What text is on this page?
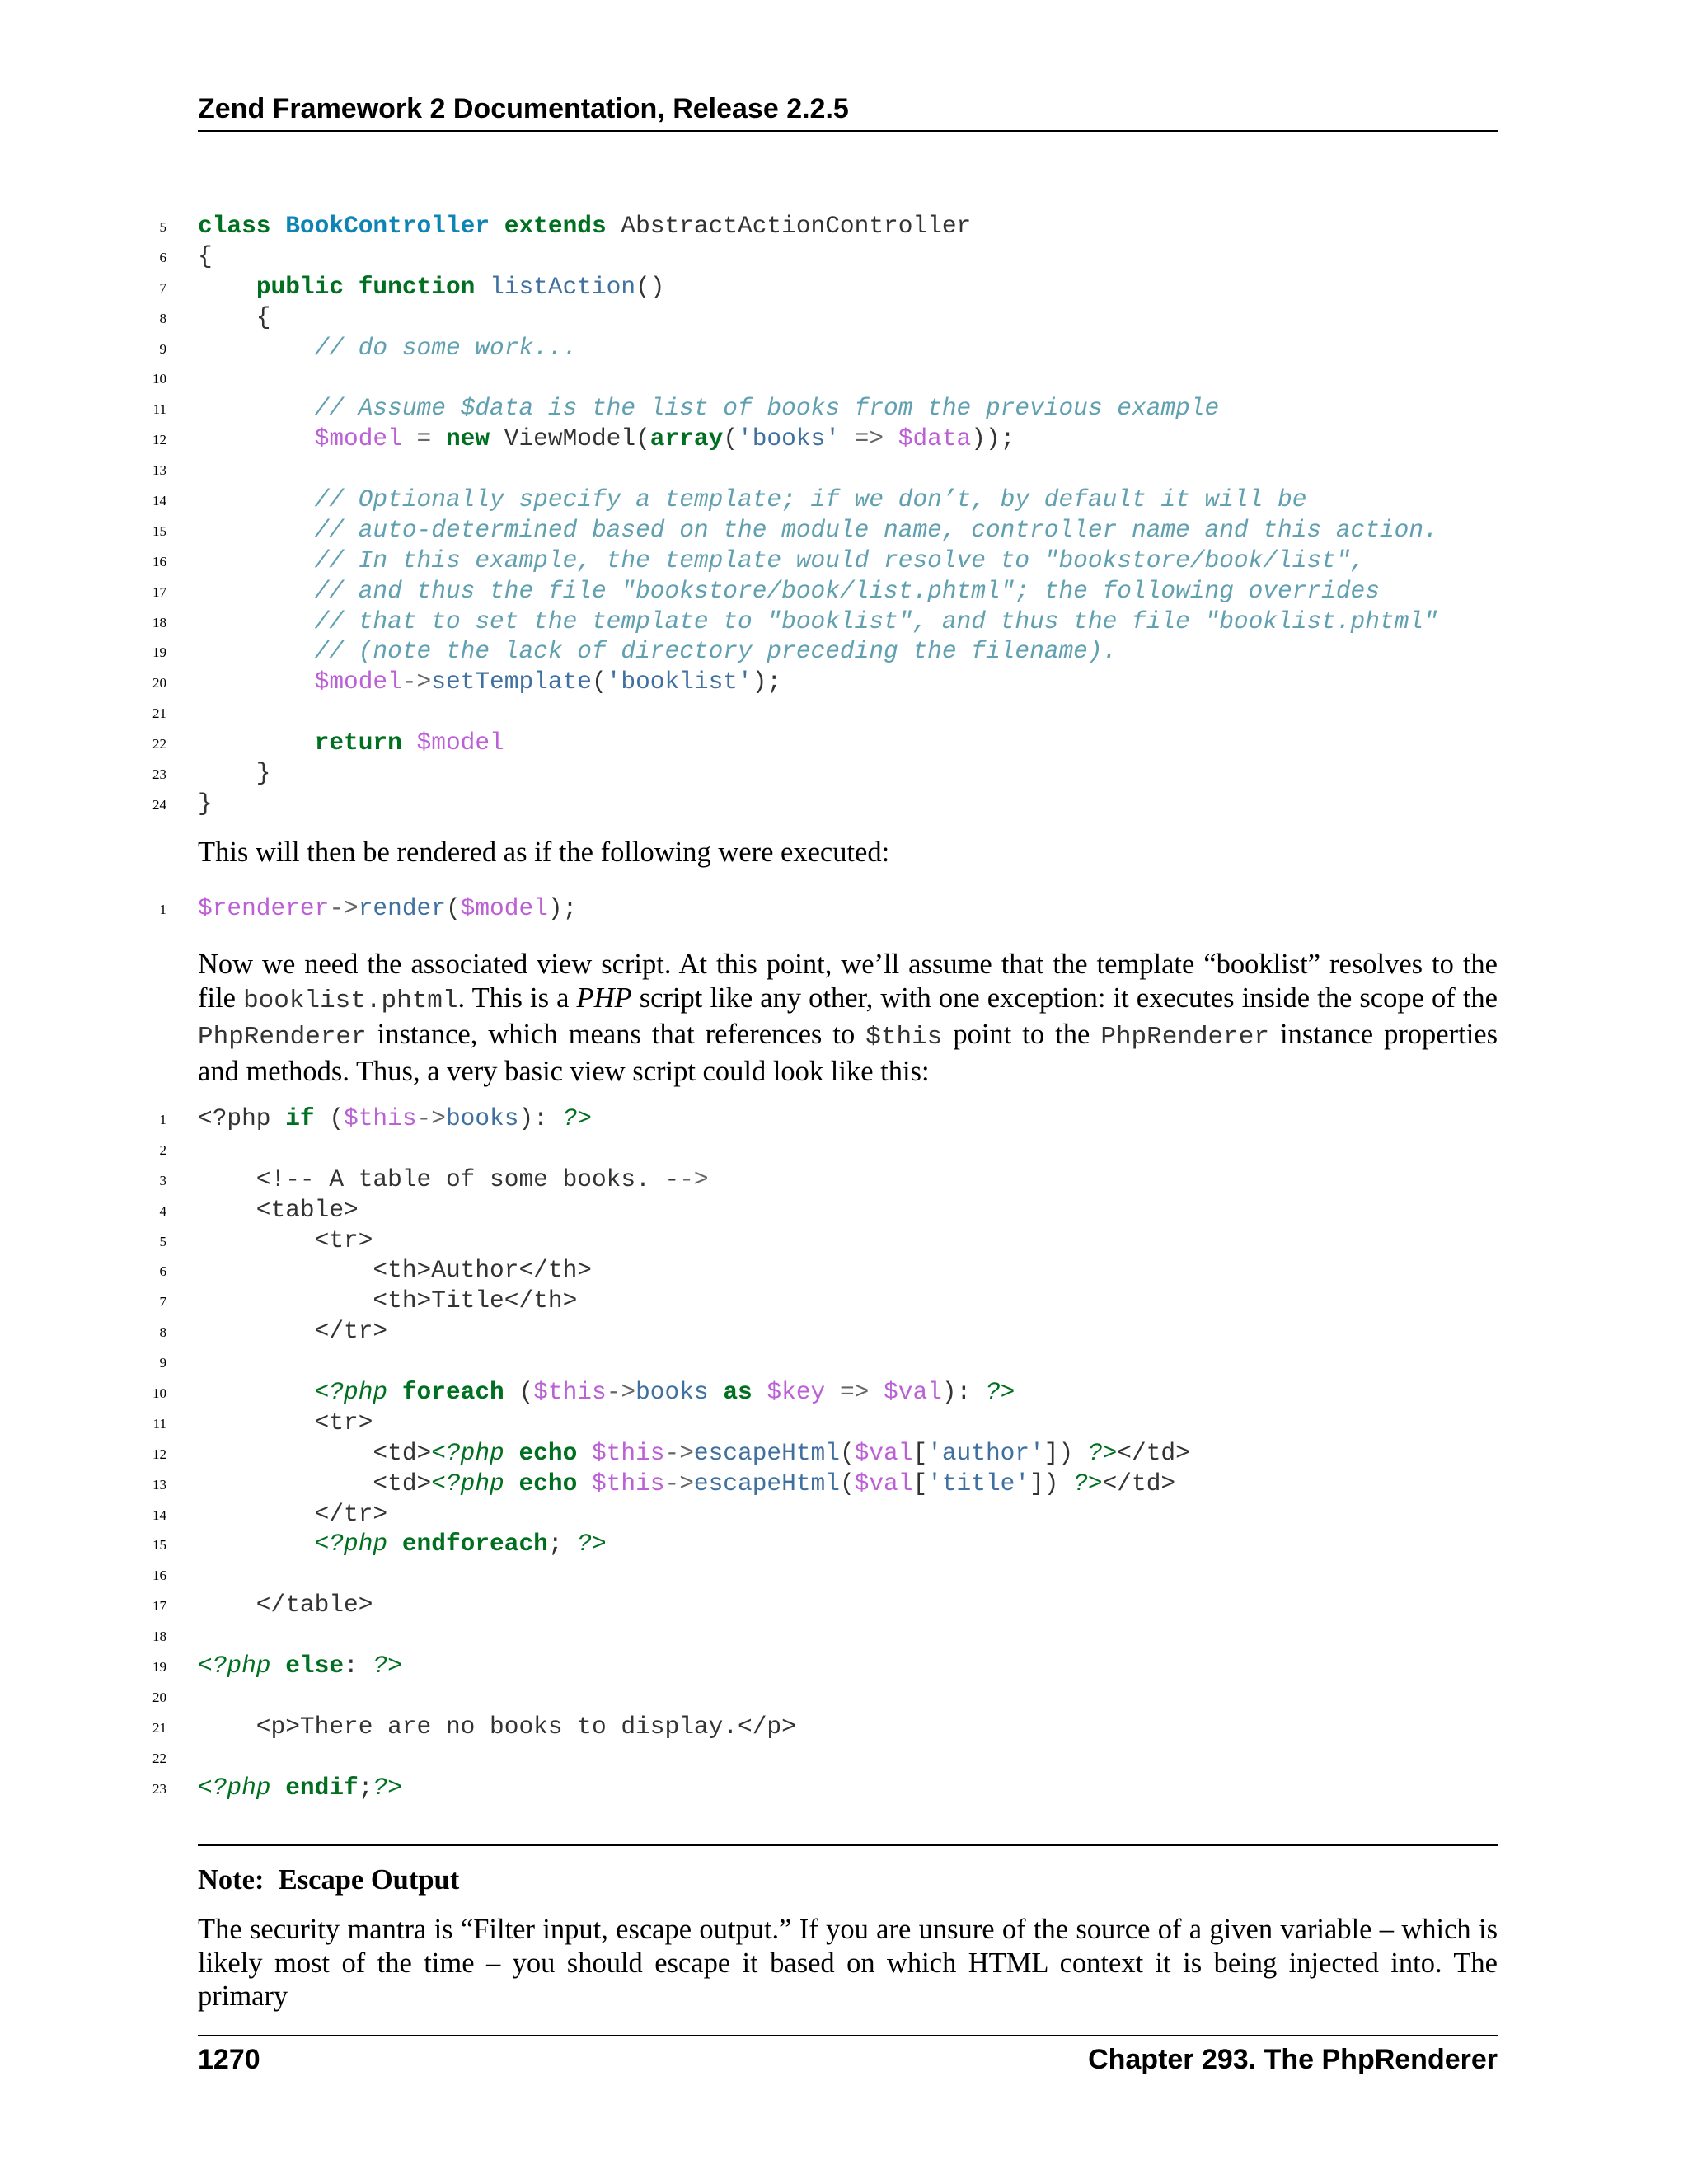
Zend Framework 2 Documentation, Release 2.2.5
5 class BookController extends AbstractActionController
6 {
7	public function listAction()
8 {
9	// do some work...
10
11	// Assume $data is the list of books from the previous example
12	$model = new ViewModel(array('books' => $data));
13
14	// Optionally specify a template; if we don’t, by default it will be
15	// auto-determined based on the module name, controller name and this action.
16	// In this example, the template would resolve to "bookstore/book/list",
17	// and thus the file "bookstore/book/list.phtml"; the following overrides
18	// that to set the template to "booklist", and thus the file "booklist.phtml"
19	// (note the lack of directory preceding the filename).
20	$model->setTemplate('booklist');
21
22	return $model
23 }
24 }
This will then be rendered as if the following were executed:
1 $renderer->render($model);
Now we need the associated view script. At this point, we’ll assume that the template “booklist” resolves to the file booklist.phtml. This is a PHP script like any other, with one exception: it executes inside the scope of the PhpRenderer instance, which means that references to $this point to the PhpRenderer instance properties and methods. Thus, a very basic view script could look like this:
1 <?php if ($this->books): ?>
2
3 <!-- A table of some books. -->
4 <table>
5 <tr>
6 <th>Author</th>
7 <th>Title</th>
8 </tr>
9
10	<?php foreach ($this->books as $key => $val): ?>
11 <tr>
12 <td><?php echo $this->escapeHtml($val['author']) ?></td>
13 <td><?php echo $this->escapeHtml($val['title']) ?></td>
14 </tr>
15	<?php endforeach; ?>
16
17 </table>
18
19 <?php else: ?>
20
21 <p>There are no books to display.</p>
22
23 <?php endif;?>
Note: Escape Output
The security mantra is “Filter input, escape output.” If you are unsure of the source of a given variable – which is likely most of the time – you should escape it based on which HTML context it is being injected into. The primary
1270	Chapter 293. The PhpRenderer
